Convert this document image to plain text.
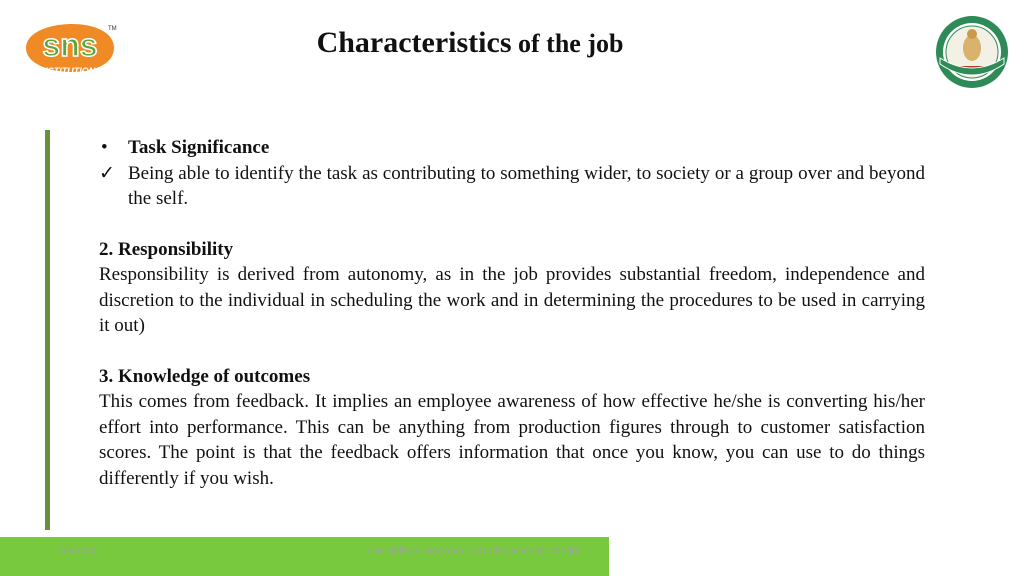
sns TM
INSTITUTIONS
Characteristics of the job
•	Task Significance
✓ Being able to identify the task as contributing to something wider, to society or a group over and beyond the self.
2. Responsibility
Responsibility is derived from autonomy, as in the job provides substantial freedom, independence and discretion to the individual in scheduling the work and in determining the procedures to be used in carrying it out)
3. Knowledge of outcomes
This comes from feedback. It implies an employee awareness of how effective he/she is converting his/her effort into performance. This can be anything from production figures through to customer satisfaction scores. The point is that the feedback offers information that once you know, you can use to do things differently if you wish.
2/8/2024	The Oldham-Hackman Job Characteristic Model
